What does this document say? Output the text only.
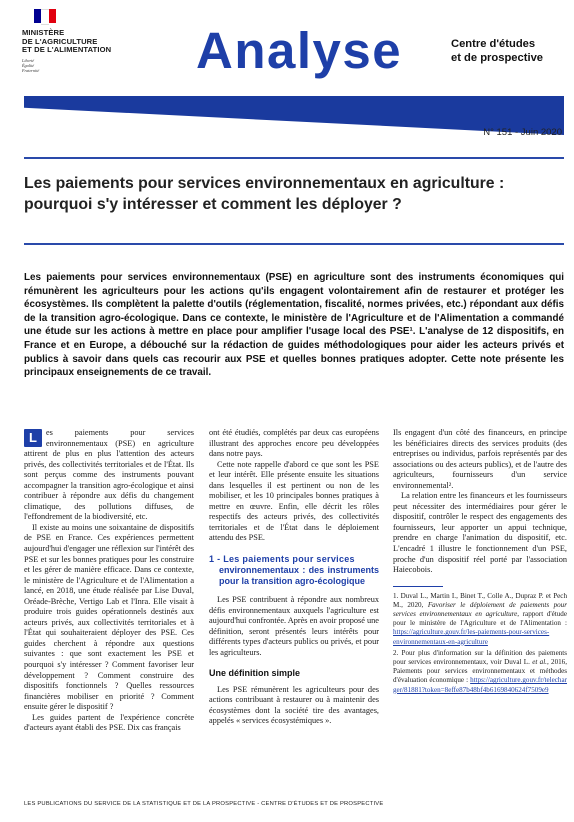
MINISTÈRE
DE L'AGRICULTURE
ET DE L'ALIMENTATION
Liberté
Égalité
Fraternité	Analyse	Centre d'études
et de prospective
N° 151 - Juin 2020
Les paiements pour services environnementaux en agriculture :
pourquoi s'y intéresser et comment les déployer ?
Les paiements pour services environnementaux (PSE) en agriculture sont des instruments économiques qui rémunèrent les agriculteurs pour les actions qu'ils engagent volontairement afin de restaurer et protéger les écosystèmes. Ils complètent la palette d'outils (réglementation, fiscalité, normes privées, etc.) répondant aux défis de la transition agro-écologique. Dans ce contexte, le ministère de l'Agriculture et de l'Alimentation a commandé une étude sur les actions à mettre en place pour amplifier l'usage local des PSE¹. L'analyse de 12 dispositifs, en France et en Europe, a débouché sur la rédaction de guides méthodologiques pour aider les acteurs privés et publics à savoir dans quels cas recourir aux PSE et quelles bonnes pratiques adopter. Cette note présente les principaux enseignements de ce travail.

L	es paiements pour services environnementaux (PSE) en agriculture attirent de plus en plus l'attention des acteurs privés, des collectivités territoriales et de l'État. Ils sont perçus comme des instruments pouvant accompagner la transition agro-écologique et ainsi contribuer à répondre aux défis du changement climatique, des pollutions diffuses, de l'effondrement de la biodiversité, etc.

Il existe au moins une soixantaine de dispositifs de PSE en France. Ces expériences permettent aujourd'hui d'engager une réflexion sur l'intérêt des PSE et sur les bonnes pratiques pour les construire et les gérer de manière efficace. Dans ce contexte, le ministère de l'Agriculture et de l'Alimentation a lancé, en 2018, une étude réalisée par Lise Duval, Oréade-Brèche, Vertigo Lab et l'Inra. Elle visait à produire trois guides opérationnels destinés aux acteurs privés, aux collectivités territoriales et à l'État qui souhaiteraient déployer des PSE. Ces guides cherchent à répondre aux questions suivantes : que sont exactement les PSE et pourquoi s'y intéresser ? Comment favoriser leur développement ? Comment construire des dispositifs fonctionnels ? Quelles ressources financières mobiliser en priorité ? Comment ensuite gérer le dispositif ?

Les guides partent de l'expérience concrète d'acteurs ayant établi des PSE. Dix cas français

ont été étudiés, complétés par deux cas européens illustrant des approches encore peu développées dans notre pays.

Cette note rappelle d'abord ce que sont les PSE et leur intérêt. Elle présente ensuite les situations dans lesquelles il est pertinent ou non de les mobiliser, et les 10 principales bonnes pratiques à mettre en œuvre. Enfin, elle décrit les rôles respectifs des acteurs privés, des collectivités territoriales et de l'État dans le déploiement attendu des PSE.

1 - Les paiements pour services
environnementaux : des instruments pour la transition agro-écologique

Les PSE contribuent à répondre aux nombreux défis environnementaux auxquels l'agriculture est aujourd'hui confrontée. Après en avoir proposé une définition, seront présentés leurs intérêts pour différents types d'acteurs publics ou privés, et pour les agriculteurs.

Une définition simple

Les PSE rémunèrent les agriculteurs pour des actions contribuant à restaurer ou à maintenir des écosystèmes dont la société tire des avantages, appelés « services écosystémiques ».

Ils engagent d'un côté des financeurs, en principe les bénéficiaires directs des services produits (des entreprises ou individus, parfois représentés par des associations ou des acteurs publics), et de l'autre des agriculteurs, fournisseurs d'un service environnemental².

La relation entre les financeurs et les fournisseurs peut nécessiter des intermédiaires pour gérer le dispositif, contrôler le respect des engagements des fournisseurs, leur apporter un appui technique, prendre en charge l'animation du dispositif, etc. L'encadré 1 illustre le fonctionnement d'un PSE, proche d'un dispositif réel porté par l'association Haiecobois.

1. Duval L., Martin I., Binet T., Colle A., Dupraz P. et Pech M., 2020, Favoriser le déploiement de paiements pour services environnementaux en agriculture, rapport d'étude pour le ministère de l'Agriculture et de l'Alimentation : https://agriculture.gouv.fr/les-paiements-pour-services-environnementaux-en-agriculture

2. Pour plus d'information sur la définition des paiements pour services environnementaux, voir Duval L. et al., 2016, Paiements pour services environnementaux et méthodes d'évaluation économique : https://agriculture.gouv.fr/telecharger/81881?token=8effe87b48bf4b6169840624f7509e9

LES PUBLICATIONS DU SERVICE DE LA STATISTIQUE ET DE LA PROSPECTIVE - CENTRE D'ÉTUDES ET DE PROSPECTIVE
